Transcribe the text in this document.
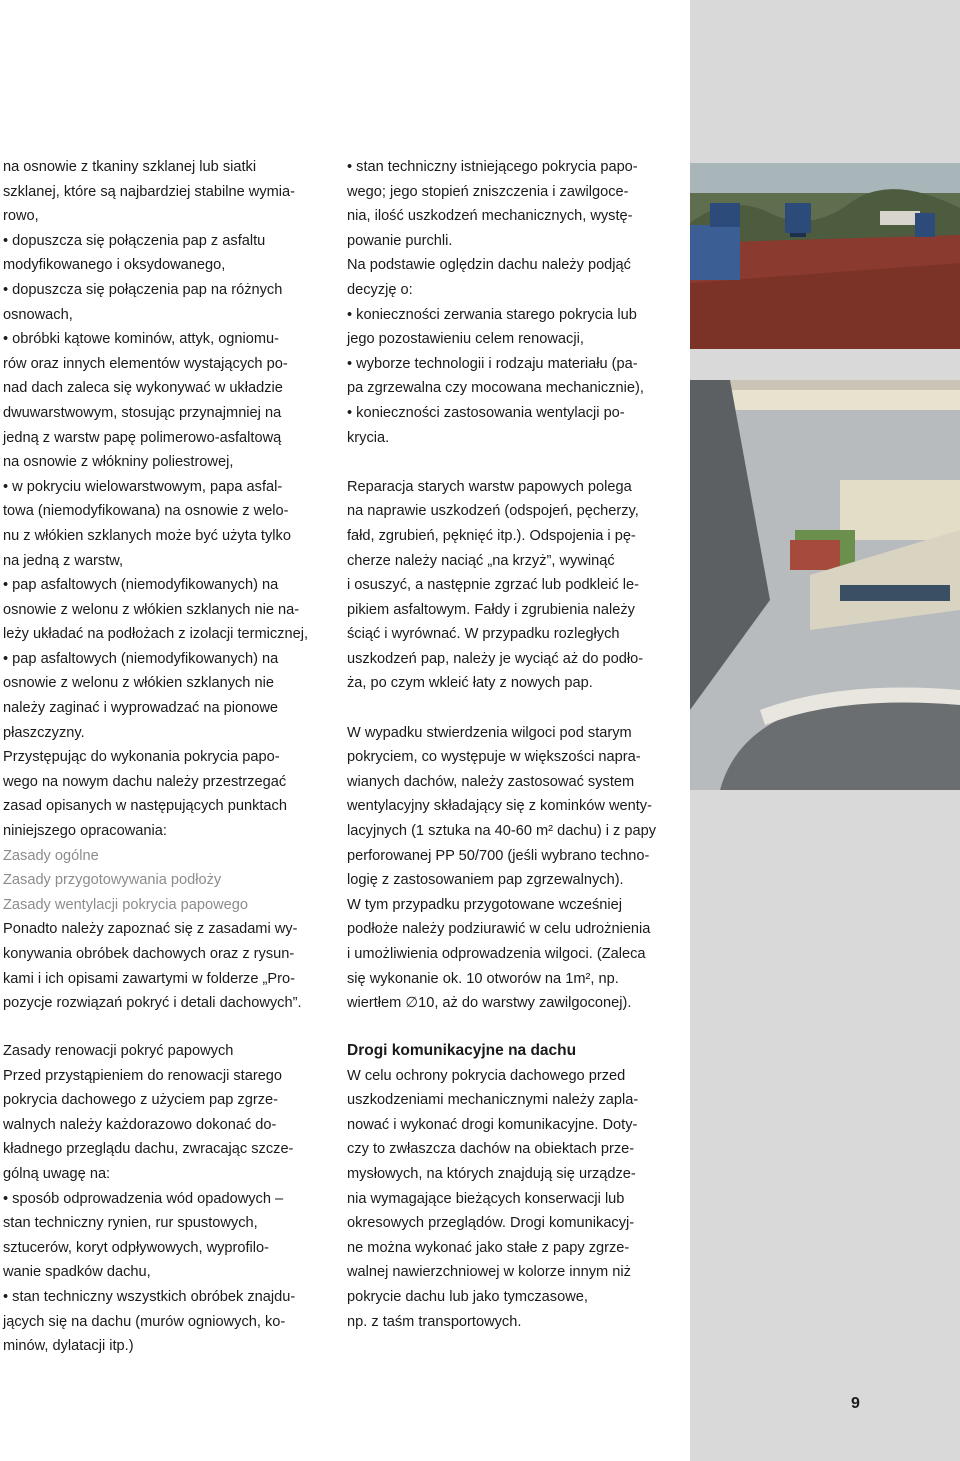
na osnowie z tkaniny szklanej lub siatki

szklanej, które są najbardziej stabilne wymia-

rowo,

• dopuszcza się połączenia pap z asfaltu

modyfikowanego i oksydowanego,

• dopuszcza się połączenia pap na różnych

osnowach,

• obróbki kątowe kominów, attyk, ogniomu-

rów oraz innych elementów wystających po-

nad dach zaleca się wykonywać w układzie

dwuwarstwowym, stosując przynajmniej na

jedną z warstw papę polimerowo-asfaltową

na osnowie z włókniny poliestrowej,

• w pokryciu wielowarstwowym, papa asfal-

towa (niemodyfikowana) na osnowie z welo-

nu z włókien szklanych może być użyta tylko

na jedną z warstw,

• pap asfaltowych (niemodyfikowanych) na

osnowie z welonu z włókien szklanych nie na-

leży układać na podłożach z izolacji termicznej,

• pap asfaltowych (niemodyfikowanych) na

osnowie z welonu z włókien szklanych nie

należy zaginać i wyprowadzać na pionowe

płaszczyzny.

Przystępując do wykonania pokrycia papo-

wego na nowym dachu należy przestrzegać

zasad opisanych w następujących punktach

niniejszego opracowania:

Zasady ogólne

Zasady przygotowywania podłoży

Zasady wentylacji pokrycia papowego

Ponadto należy zapoznać się z zasadami wy-

konywania obróbek dachowych oraz z rysun-

kami i ich opisami zawartymi w folderze „Pro-

pozycje rozwiązań pokryć i detali dachowych”.

Zasady renowacji pokryć papowych

Przed przystąpieniem do renowacji starego

pokrycia dachowego z użyciem pap zgrze-

walnych należy każdorazowo dokonać do-

kładnego przeglądu dachu, zwracając szcze-

gólną uwagę na:

• sposób odprowadzenia wód opadowych –

stan techniczny rynien, rur spustowych,

sztucerów, koryt odpływowych, wyprofilo-

wanie spadków dachu,

• stan techniczny wszystkich obróbek znajdu-

jących się na dachu (murów ogniowych, ko-

minów, dylatacji itp.)

• stan techniczny istniejącego pokrycia papo-

wego; jego stopień zniszczenia i zawilgoce-

nia, ilość uszkodzeń mechanicznych, wystę-

powanie purchli.

Na podstawie oględzin dachu należy podjąć

decyzję o:

• konieczności zerwania starego pokrycia lub

jego pozostawieniu celem renowacji,

• wyborze technologii i rodzaju materiału (pa-

pa zgrzewalna czy mocowana mechanicznie),

• konieczności zastosowania wentylacji po-

krycia.

Reparacja starych warstw papowych polega

na naprawie uszkodzeń (odspojeń, pęcherzy,

fałd, zgrubień, pęknięć itp.). Odspojenia i pę-

cherze należy naciąć „na krzyż”, wywinąć

i osuszyć, a następnie zgrzać lub podkleić le-

pikiem asfaltowym. Fałdy i zgrubienia należy

ściąć i wyrównać. W przypadku rozległych

uszkodzeń pap, należy je wyciąć aż do podło-

ża, po czym wkleić łaty z nowych pap.

W wypadku stwierdzenia wilgoci pod starym

pokryciem, co występuje w większości napra-

wianych dachów, należy zastosować system

wentylacyjny składający się z kominków wenty-

lacyjnych (1 sztuka na 40-60 m² dachu) i z papy

perforowanej PP 50/700 (jeśli wybrano techno-

logię z zastosowaniem pap zgrzewalnych).

W tym przypadku przygotowane wcześniej

podłoże należy podziurawić w celu udrożnienia

i umożliwienia odprowadzenia wilgoci. (Zaleca

się wykonanie ok. 10 otworów na 1m², np.

wiertłem ∅10, aż do warstwy zawilgoconej).

Drogi komunikacyjne na dachu

W celu ochrony pokrycia dachowego przed

uszkodzeniami mechanicznymi należy zapla-

nować i wykonać drogi komunikacyjne. Doty-

czy to zwłaszcza dachów na obiektach prze-

mysłowych, na których znajdują się urządze-

nia wymagające bieżących konserwacji lub

okresowych przeglądów. Drogi komunikacyj-

ne można wykonać jako stałe z papy zgrze-

walnej nawierzchniowej w kolorze innym niż

pokrycie dachu lub jako tymczasowe,

np. z taśm transportowych.

9
